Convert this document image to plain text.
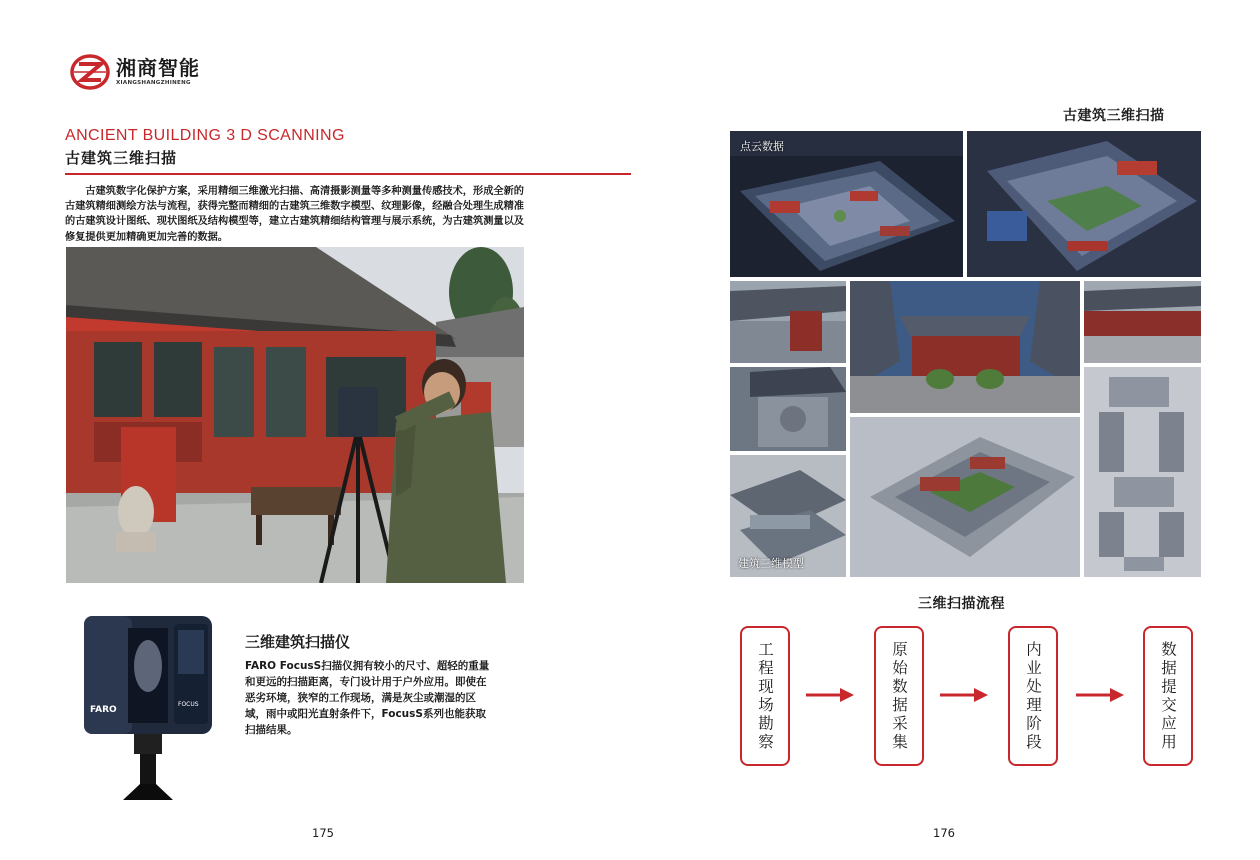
湘商智能
XIANGSHANGZHINENG
ANCIENT BUILDING 3 D SCANNING
古建筑三维扫描

古建筑数字化保护方案，采用精细三维激光扫描、高清摄影测量等多种测量传感技术，形成全新的古建筑精细测绘方法与流程，获得完整而精细的古建筑三维数字模型、纹理影像，经融合处理生成精准的古建筑设计图纸、现状图纸及结构模型等，建立古建筑精细结构管理与展示系统，为古建筑测量以及修复提供更加精确更加完善的数据。

FARO
FOCUS
三维建筑扫描仪

FARO FocusS扫描仪拥有较小的尺寸、超轻的重量和更远的扫描距离，专门设计用于户外应用。即使在恶劣环境，狭窄的工作现场，满是灰尘或潮湿的区域，雨中或阳光直射条件下，FocusS系列也能获取扫描结果。

175
古建筑三维扫描
点云数据
建筑三维模型
三维扫描流程
工程现场勘察	原始数据采集	内业处理阶段	数据提交应用
176
